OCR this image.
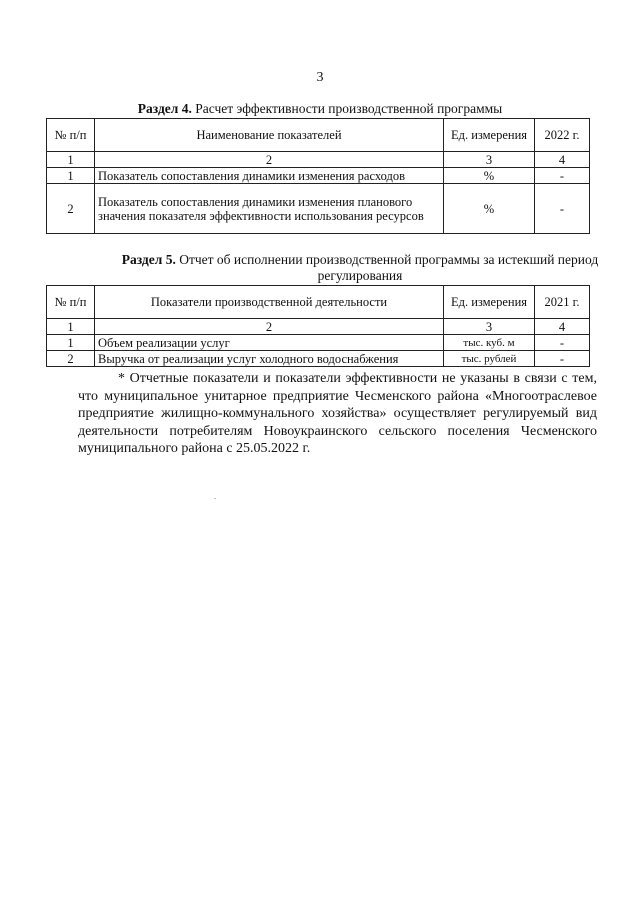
3
Раздел 4. Расчет эффективности производственной программы
№ п/п	Наименование показателей	Ед. измерения	2022 г.
1	2	3	4
1	Показатель сопоставления динамики изменения расходов	%	-
2	Показатель сопоставления динамики изменения планового значения показателя эффективности использования ресурсов	%	-
Раздел 5. Отчет об исполнении производственной программы за истекший период регулирования
№ п/п	Показатели производственной деятельности	Ед. измерения	2021 г.
1	2	3	4
1	Объем реализации услуг	тыс. куб. м	-
2	Выручка от реализации услуг холодного водоснабжения	тыс. рублей	-
* Отчетные показатели и показатели эффективности не указаны в связи с тем, что муниципальное унитарное предприятие Чесменского района «Многоотраслевое предприятие жилищно-коммунального хозяйства» осуществляет регулируемый вид деятельности потребителям Новоукраинского сельского поселения Чесменского муниципального района с 25.05.2022 г.
